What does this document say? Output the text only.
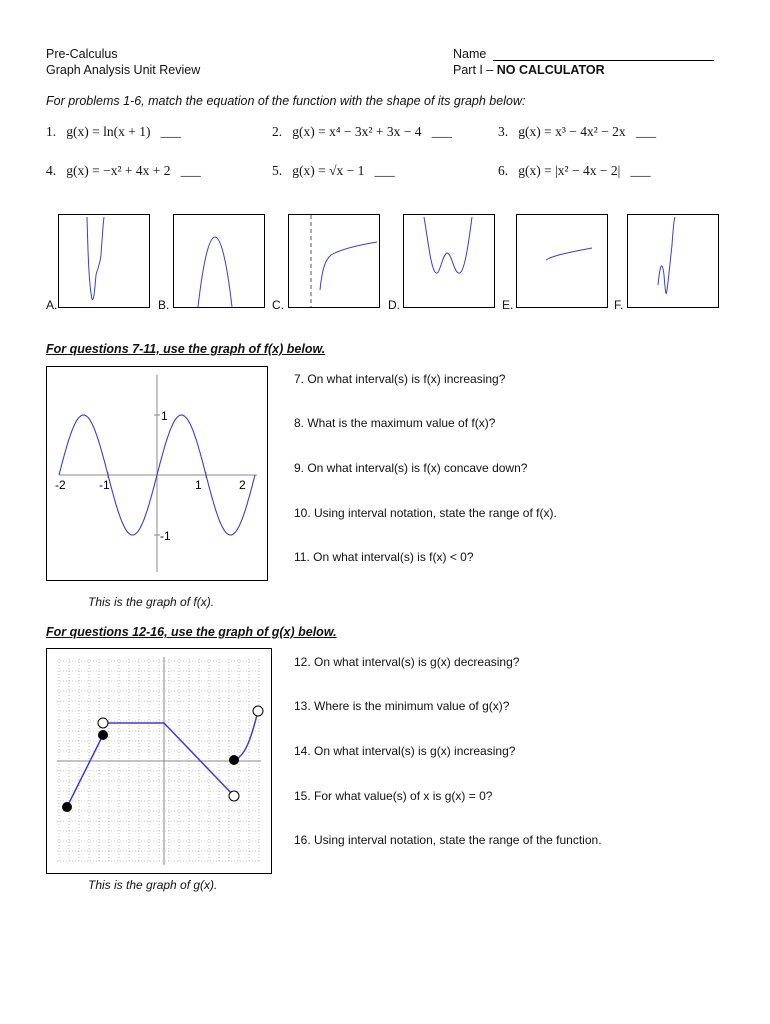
Pre-Calculus
Graph Analysis Unit Review
Name
Part I – NO CALCULATOR
For problems 1-6, match the equation of the function with the shape of its graph below:
1. g(x) = ln(x + 1) ___	2. g(x) = x⁴ − 3x² + 3x − 4 ___	3. g(x) = x³ − 4x² − 2x ___
4. g(x) = −x² + 4x + 2 ___	5. g(x) = √x − 1 ___	6. g(x) = |x² − 4x − 2| ___
A.	B.	C.	D.	E.	F.
For questions 7-11, use the graph of f(x) below.
-2	-1	1	2
1
-1
7. On what interval(s) is f(x) increasing?
8. What is the maximum value of f(x)?
9. On what interval(s) is f(x) concave down?
10. Using interval notation, state the range of f(x).
11. On what interval(s) is f(x) < 0?
This is the graph of f(x).
For questions 12-16, use the graph of g(x) below.
12. On what interval(s) is g(x) decreasing?
13. Where is the minimum value of g(x)?
14. On what interval(s) is g(x) increasing?
15. For what value(s) of x is g(x) = 0?
16. Using interval notation, state the range of the function.
This is the graph of g(x).
